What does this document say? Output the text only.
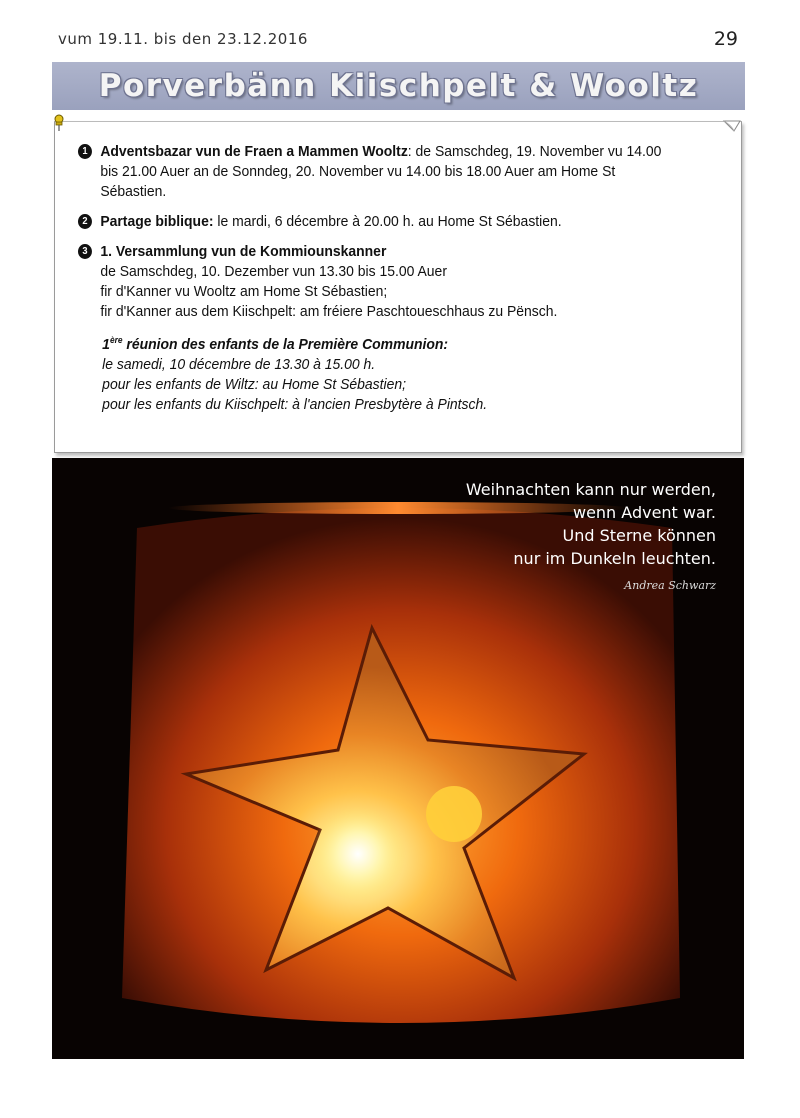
vum 19.11. bis den 23.12.2016	29
Porverbänn Kiischpelt & Wooltz
1 Adventsbazar vun de Fraen a Mammen Wooltz: de Samschdeg, 19. November vu 14.00 bis 21.00 Auer an de Sonndeg, 20. November vu 14.00 bis 18.00 Auer am Home St Sébastien.
2 Partage biblique: le mardi, 6 décembre à 20.00 h. au Home St Sébastien.
3 1. Versammlung vun de Kommiounskanner
de Samschdeg, 10. Dezember vun 13.30 bis 15.00 Auer
fir d'Kanner vu Wooltz am Home St Sébastien;
fir d'Kanner aus dem Kiischpelt: am fréiere Paschtoueschhaus zu Pënsch.
1ère réunion des enfants de la Première Communion:
le samedi, 10 décembre de 13.30 à 15.00 h.
pour les enfants de Wiltz: au Home St Sébastien;
pour les enfants du Kiischpelt: à l'ancien Presbytère à Pintsch.
Weihnachten kann nur werden,
wenn Advent war.
Und Sterne können
nur im Dunkeln leuchten.
Andrea Schwarz
